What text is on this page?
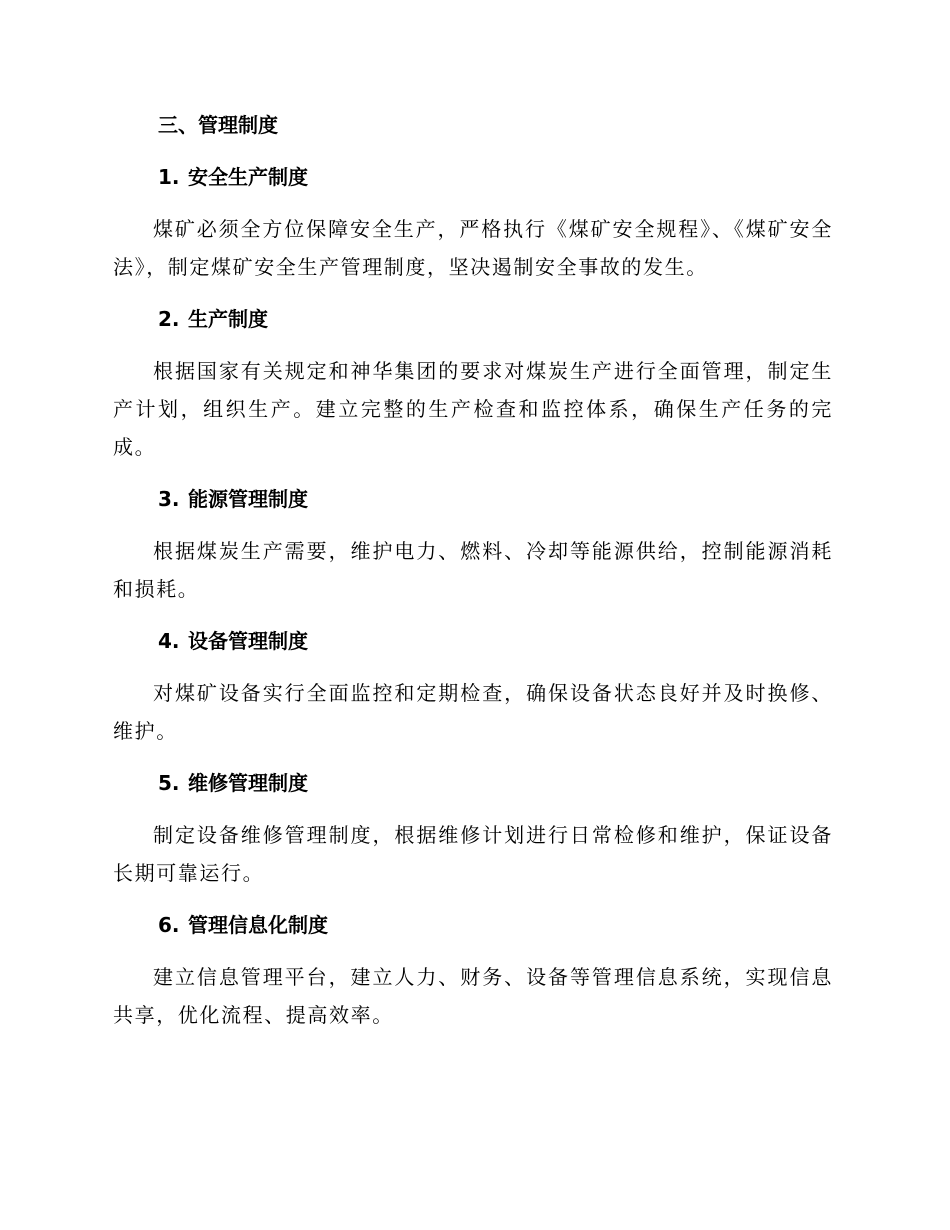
三、管理制度
1. 安全生产制度
煤矿必须全方位保障安全生产，严格执行《煤矿安全规程》、《煤矿安全法》，制定煤矿安全生产管理制度，坚决遏制安全事故的发生。
2. 生产制度
根据国家有关规定和神华集团的要求对煤炭生产进行全面管理，制定生产计划，组织生产。建立完整的生产检查和监控体系，确保生产任务的完成。
3. 能源管理制度
根据煤炭生产需要，维护电力、燃料、冷却等能源供给，控制能源消耗和损耗。
4. 设备管理制度
对煤矿设备实行全面监控和定期检查，确保设备状态良好并及时换修、维护。
5. 维修管理制度
制定设备维修管理制度，根据维修计划进行日常检修和维护，保证设备长期可靠运行。
6. 管理信息化制度
建立信息管理平台，建立人力、财务、设备等管理信息系统，实现信息共享，优化流程、提高效率。
